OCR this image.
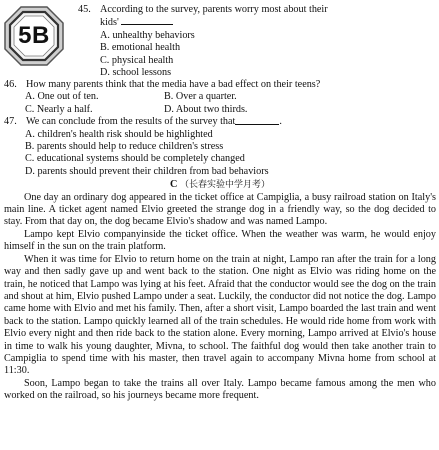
5B
45. According to the survey, parents worry most about their
kids'
A. unhealthy behaviors
B. emotional health
C. physical health
D. school lessons
46. How many parents think that the media have a bad effect on their teens?
A. One out of ten.	B. Over a quarter.
C. Nearly a half.	D. About two thirds.
47. We can conclude from the results of the survey that	.
A. children's health risk should be highlighted
B. parents should help to reduce children's stress
C. educational systems should be completely changed
D. parents should prevent their children from bad behaviors
C （长春实验中学月考）

One day an ordinary dog appeared in the ticket office at Campiglia, a busy railroad station on Italy's main line. A ticket agent named Elvio greeted the strange dog in a friendly way, so the dog decided to stay. From that day on, the dog became Elvio's shadow and was named Lampo.

Lampo kept Elvio companyinside the ticket office. When the weather was warm, he would enjoy himself in the sun on the train platform.

When it was time for Elvio to return home on the train at night, Lampo ran after the train for a long way and then sadly gave up and went back to the station. One night as Elvio was riding home on the train, he noticed that Lampo was lying at his feet. Afraid that the conductor would see the dog on the train and shout at him, Elvio pushed Lampo under a seat. Luckily, the conductor did not notice the dog. Lampo came home with Elvio and met his family. Then, after a short visit, Lampo boarded the last train and went back to the station. Lampo quickly learned all of the train schedules. He would ride home from work with Elvio every night and then ride back to the station alone. Every morning, Lampo arrived at Elvio's house in time to walk his young daughter, Mivna, to school. The faithful dog would then take another train to Campiglia to spend time with his master, then travel again to accompany Mivna home from school at 11:30.

Soon, Lampo began to take the trains all over Italy. Lampo became famous among the men who worked on the railroad, so his journeys became more frequent.
